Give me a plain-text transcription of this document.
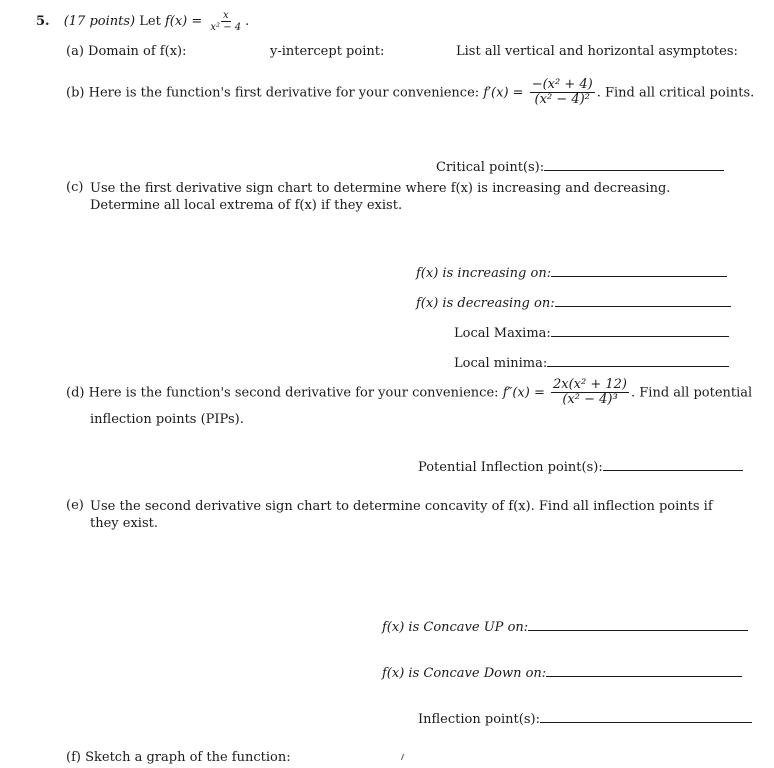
5. (17 points) Let $f(x) = \frac{x}{\text{x² − 4}}$ .
(a) Domain of f(x):	y-intercept point:	List all vertical and horizontal asymptotes:
(b) Here is the function's first derivative for your convenience: $f'(x) = \frac{\text{−(x² + 4)}}{\text{(x² − 4)²}}$ . Find all critical points.
Critical point(s):
(c) Use the first derivative sign chart to determine where f(x) is increasing and decreasing. Determine all local extrema of f(x) if they exist.
f(x) is increasing on:
f(x) is decreasing on:
Local Maxima:
Local minima:
(d) Here is the function's second derivative for your convenience: $f''(x) = \frac{\text{2x(x² + 12)}}{\text{(x² − 4)³}}$ . Find all potential
inflection points (PIPs).
Potential Inflection point(s):
(e) Use the second derivative sign chart to determine concavity of f(x). Find all inflection points if they exist.
f(x) is Concave UP on:
f(x) is Concave Down on:
Inflection point(s):
(f) Sketch a graph of the function:
